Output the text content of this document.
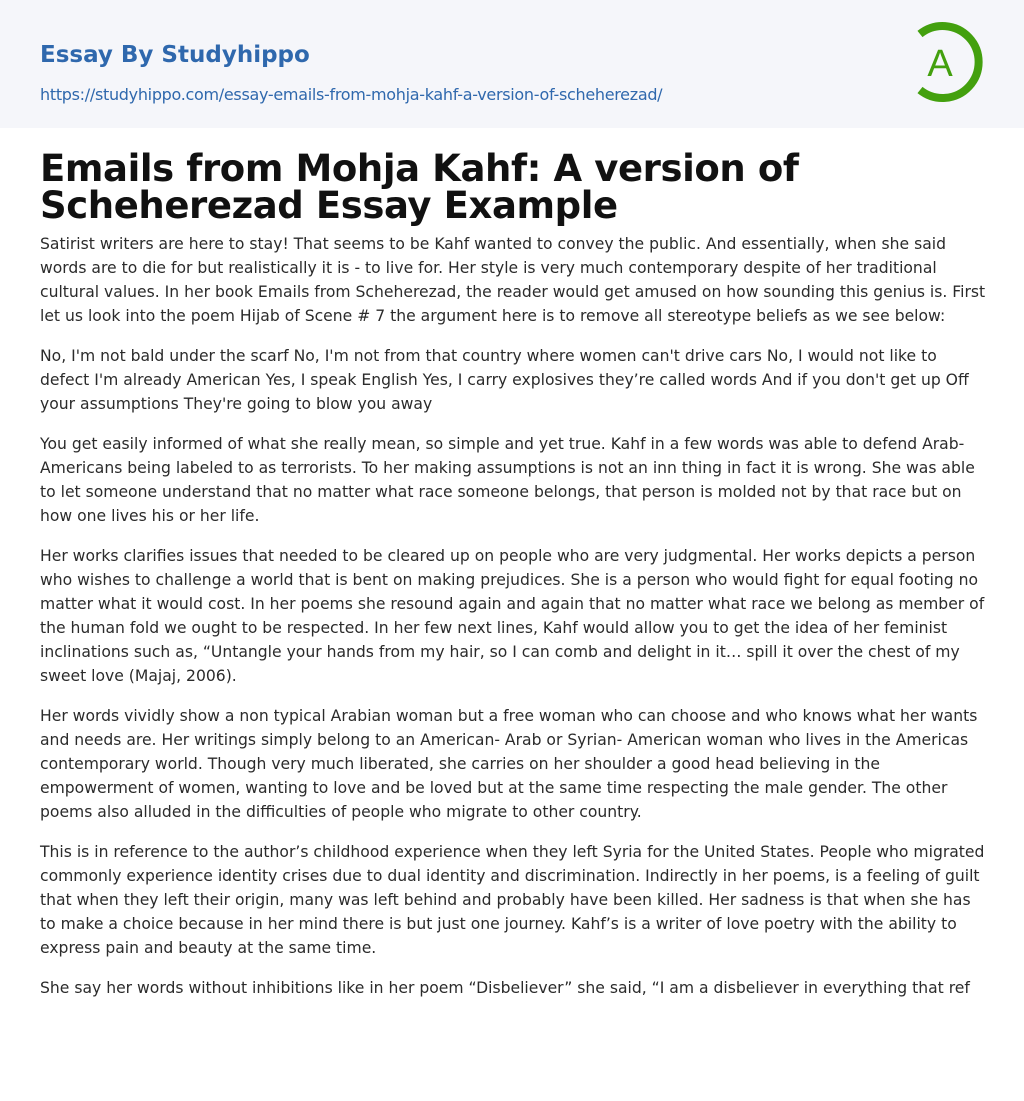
Essay By Studyhippo
https://studyhippo.com/essay-emails-from-mohja-kahf-a-version-of-scheherezad/
A
Emails from Mohja Kahf: A version of Scheherezad Essay Example

Satirist writers are here to stay! That seems to be Kahf wanted to convey the public. And essentially, when she said words are to die for but realistically it is - to live for. Her style is very much contemporary despite of her traditional cultural values. In her book Emails from Scheherezad, the reader would get amused on how sounding this genius is. First let us look into the poem Hijab of Scene # 7 the argument here is to remove all stereotype beliefs as we see below:

No, I'm not bald under the scarf No, I'm not from that country where women can't drive cars No, I would not like to defect I'm already American Yes, I speak English Yes, I carry explosives they’re called words And if you don't get up Off your assumptions They're going to blow you away

You get easily informed of what she really mean, so simple and yet true. Kahf in a few words was able to defend Arab-Americans being labeled to as terrorists. To her making assumptions is not an inn thing in fact it is wrong. She was able to let someone understand that no matter what race someone belongs, that person is molded not by that race but on how one lives his or her life.

Her works clarifies issues that needed to be cleared up on people who are very judgmental. Her works depicts a person who wishes to challenge a world that is bent on making prejudices. She is a person who would fight for equal footing no matter what it would cost. In her poems she resound again and again that no matter what race we belong as member of the human fold we ought to be respected. In her few next lines, Kahf would allow you to get the idea of her feminist inclinations such as, “Untangle your hands from my hair, so I can comb and delight in it… spill it over the chest of my sweet love (Majaj, 2006).

Her words vividly show a non typical Arabian woman but a free woman who can choose and who knows what her wants and needs are. Her writings simply belong to an American- Arab or Syrian- American woman who lives in the Americas contemporary world. Though very much liberated, she carries on her shoulder a good head believing in the empowerment of women, wanting to love and be loved but at the same time respecting the male gender. The other poems also alluded in the difficulties of people who migrate to other country.

This is in reference to the author’s childhood experience when they left Syria for the United States. People who migrated commonly experience identity crises due to dual identity and discrimination. Indirectly in her poems, is a feeling of guilt that when they left their origin, many was left behind and probably have been killed. Her sadness is that when she has to make a choice because in her mind there is but just one journey. Kahf’s is a writer of love poetry with the ability to express pain and beauty at the same time.

She say her words without inhibitions like in her poem “Disbeliever” she said, “I am a disbeliever in everything that ref
